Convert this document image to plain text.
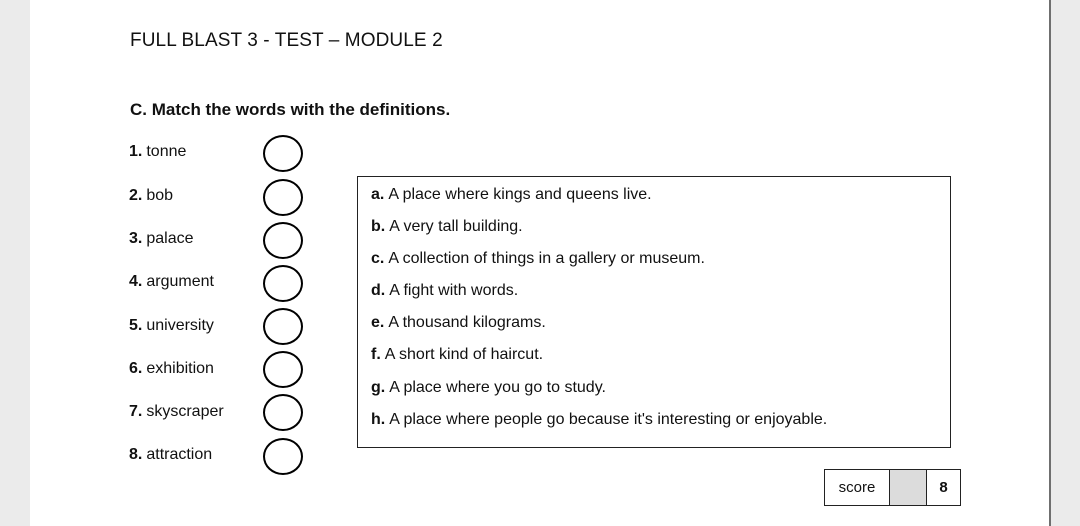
FULL BLAST 3 - TEST – MODULE 2
C. Match the words with the definitions.
1. tonne
2. bob
3. palace
4. argument
5. university
6. exhibition
7. skyscraper
8. attraction
a. A place where kings and queens live.
b. A very tall building.
c. A collection of things in a gallery or museum.
d. A fight with words.
e. A thousand kilograms.
f. A short kind of haircut.
g. A place where you go to study.
h. A place where people go because it's interesting or enjoyable.
score	8
